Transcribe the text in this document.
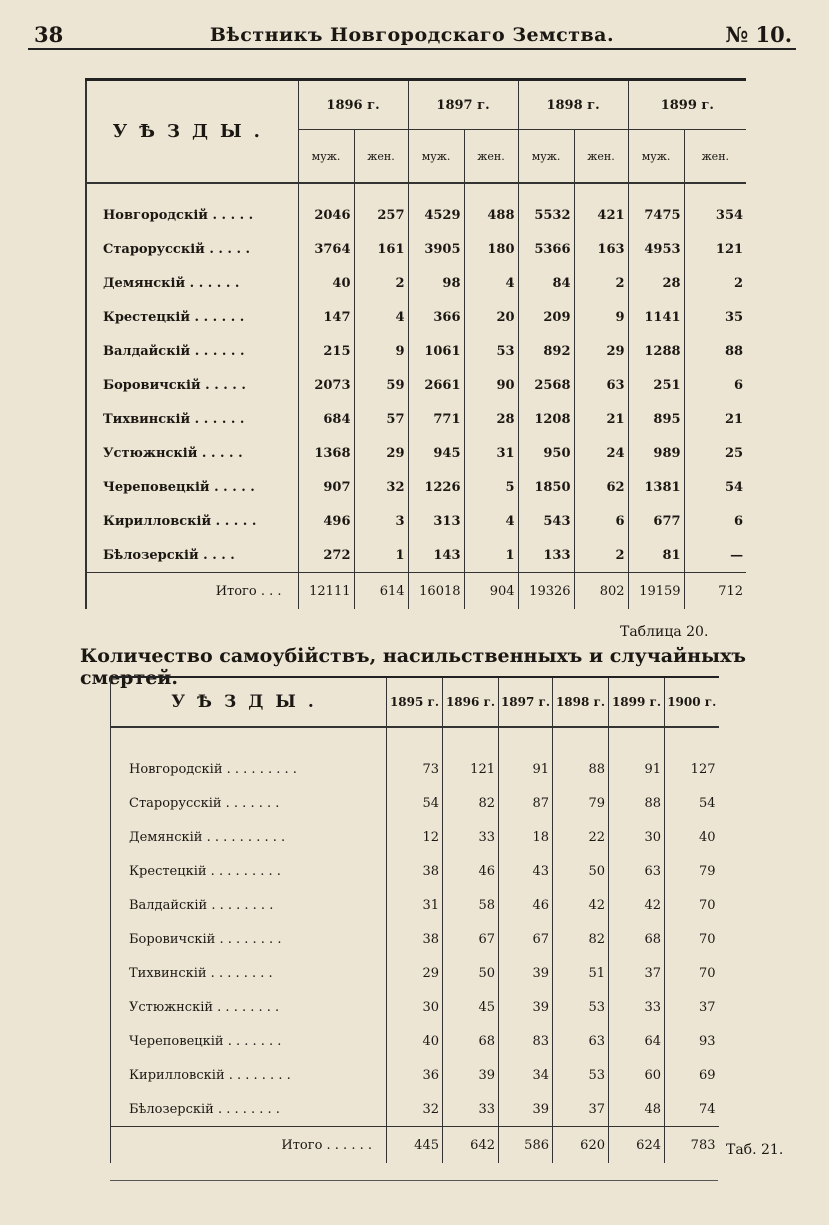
38	Вѣстникъ Новгородскаго Земства.	№ 10.
УѢЗДЫ.	1896 г.		1897 г.		1898 г.		1899 г.	
	муж.	жен.	муж.	жен.	муж.	жен.	муж.	жен.

Новгородскій . . . . .	2046	257	4529	488	5532	421	7475	354
Старорусскій . . . . .	3764	161	3905	180	5366	163	4953	121
Демянскій . . . . . .	40	2	98	4	84	2	28	2
Крестецкій . . . . . .	147	4	366	20	209	9	1141	35
Валдайскій . . . . . .	215	9	1061	53	892	29	1288	88
Боровичскій . . . . .	2073	59	2661	90	2568	63	251	6
Тихвинскій . . . . . .	684	57	771	28	1208	21	895	21
Устюжнскій . . . . .	1368	29	945	31	950	24	989	25
Череповецкій . . . . .	907	32	1226	5	1850	62	1381	54
Кирилловскій . . . . .	496	3	313	4	543	6	677	6
Бѣлозерскій . . . .	272	1	143	1	133	2	81	—
Итого . . .	12111	614	16018	904	19326	802	19159	712
Таблица 20.
Количество самоубійствъ, насильственныхъ и случайныхъ смертей.
УѢЗДЫ.	1895 г.	1896 г.	1897 г.	1898 г.	1899 г.	1900 г.

Новгородскій . . . . . . . . .	73	121	91	88	91	127
Старорусскій . . . . . . .	54	82	87	79	88	54
Демянскій . . . . . . . . . .	12	33	18	22	30	40
Крестецкій . . . . . . . . .	38	46	43	50	63	79
Валдайскій . . . . . . . .	31	58	46	42	42	70
Боровичскій . . . . . . . .	38	67	67	82	68	70
Тихвинскій . . . . . . . .	29	50	39	51	37	70
Устюжнскій . . . . . . . .	30	45	39	53	33	37
Череповецкій . . . . . . .	40	68	83	63	64	93
Кирилловскій . . . . . . . .	36	39	34	53	60	69
Бѣлозерскій . . . . . . . .	32	33	39	37	48	74
Итого . . . . . .	445	642	586	620	624	783 Таб. 21.
